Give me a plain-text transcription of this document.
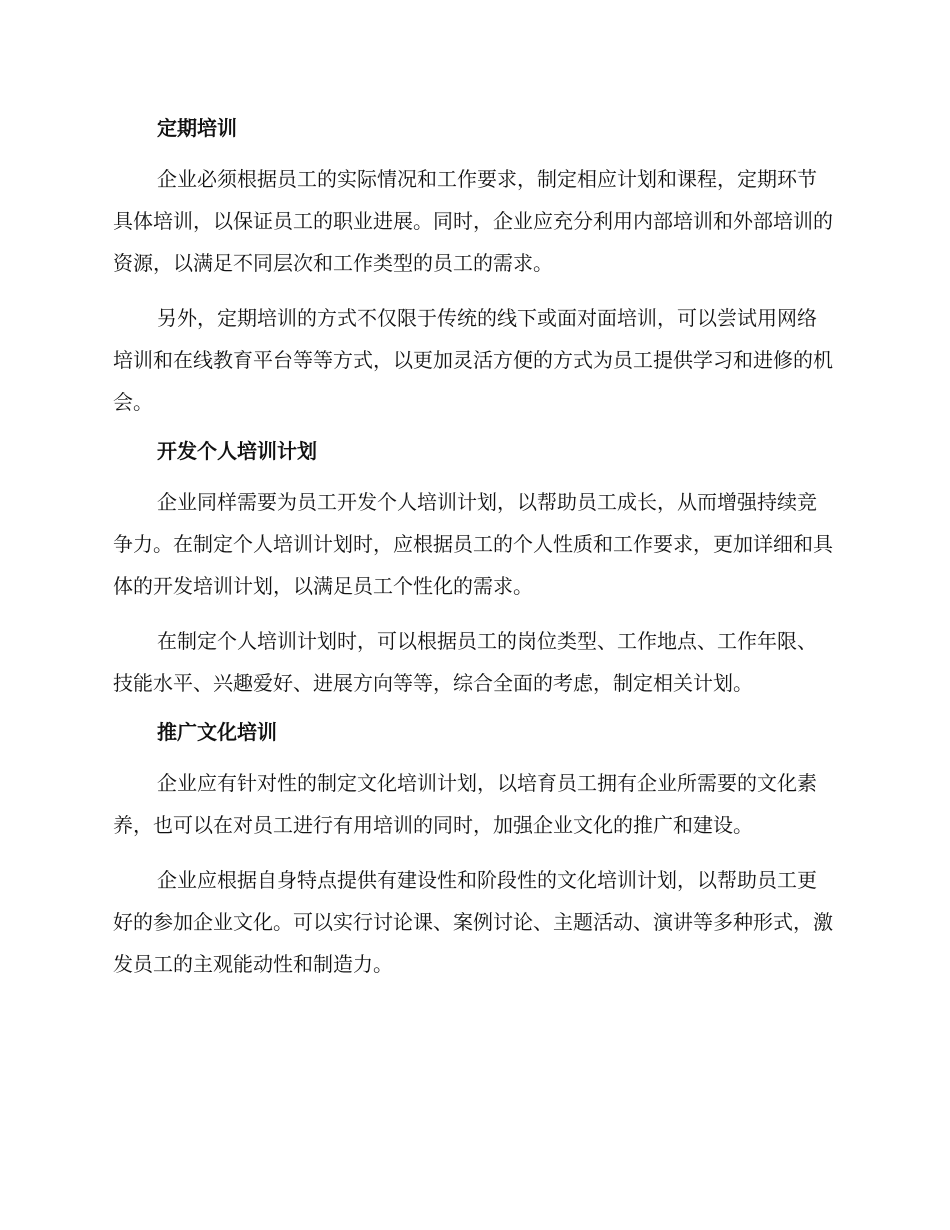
定期培训

企业必须根据员工的实际情况和工作要求，制定相应计划和课程，定期环节具体培训，以保证员工的职业进展。同时，企业应充分利用内部培训和外部培训的资源，以满足不同层次和工作类型的员工的需求。

另外，定期培训的方式不仅限于传统的线下或面对面培训，可以尝试用网络培训和在线教育平台等等方式，以更加灵活方便的方式为员工提供学习和进修的机会。

开发个人培训计划

企业同样需要为员工开发个人培训计划，以帮助员工成长，从而增强持续竞争力。在制定个人培训计划时，应根据员工的个人性质和工作要求，更加详细和具体的开发培训计划，以满足员工个性化的需求。

在制定个人培训计划时，可以根据员工的岗位类型、工作地点、工作年限、技能水平、兴趣爱好、进展方向等等，综合全面的考虑，制定相关计划。

推广文化培训

企业应有针对性的制定文化培训计划，以培育员工拥有企业所需要的文化素养，也可以在对员工进行有用培训的同时，加强企业文化的推广和建设。

企业应根据自身特点提供有建设性和阶段性的文化培训计划，以帮助员工更好的参加企业文化。可以实行讨论课、案例讨论、主题活动、演讲等多种形式，激发员工的主观能动性和制造力。
